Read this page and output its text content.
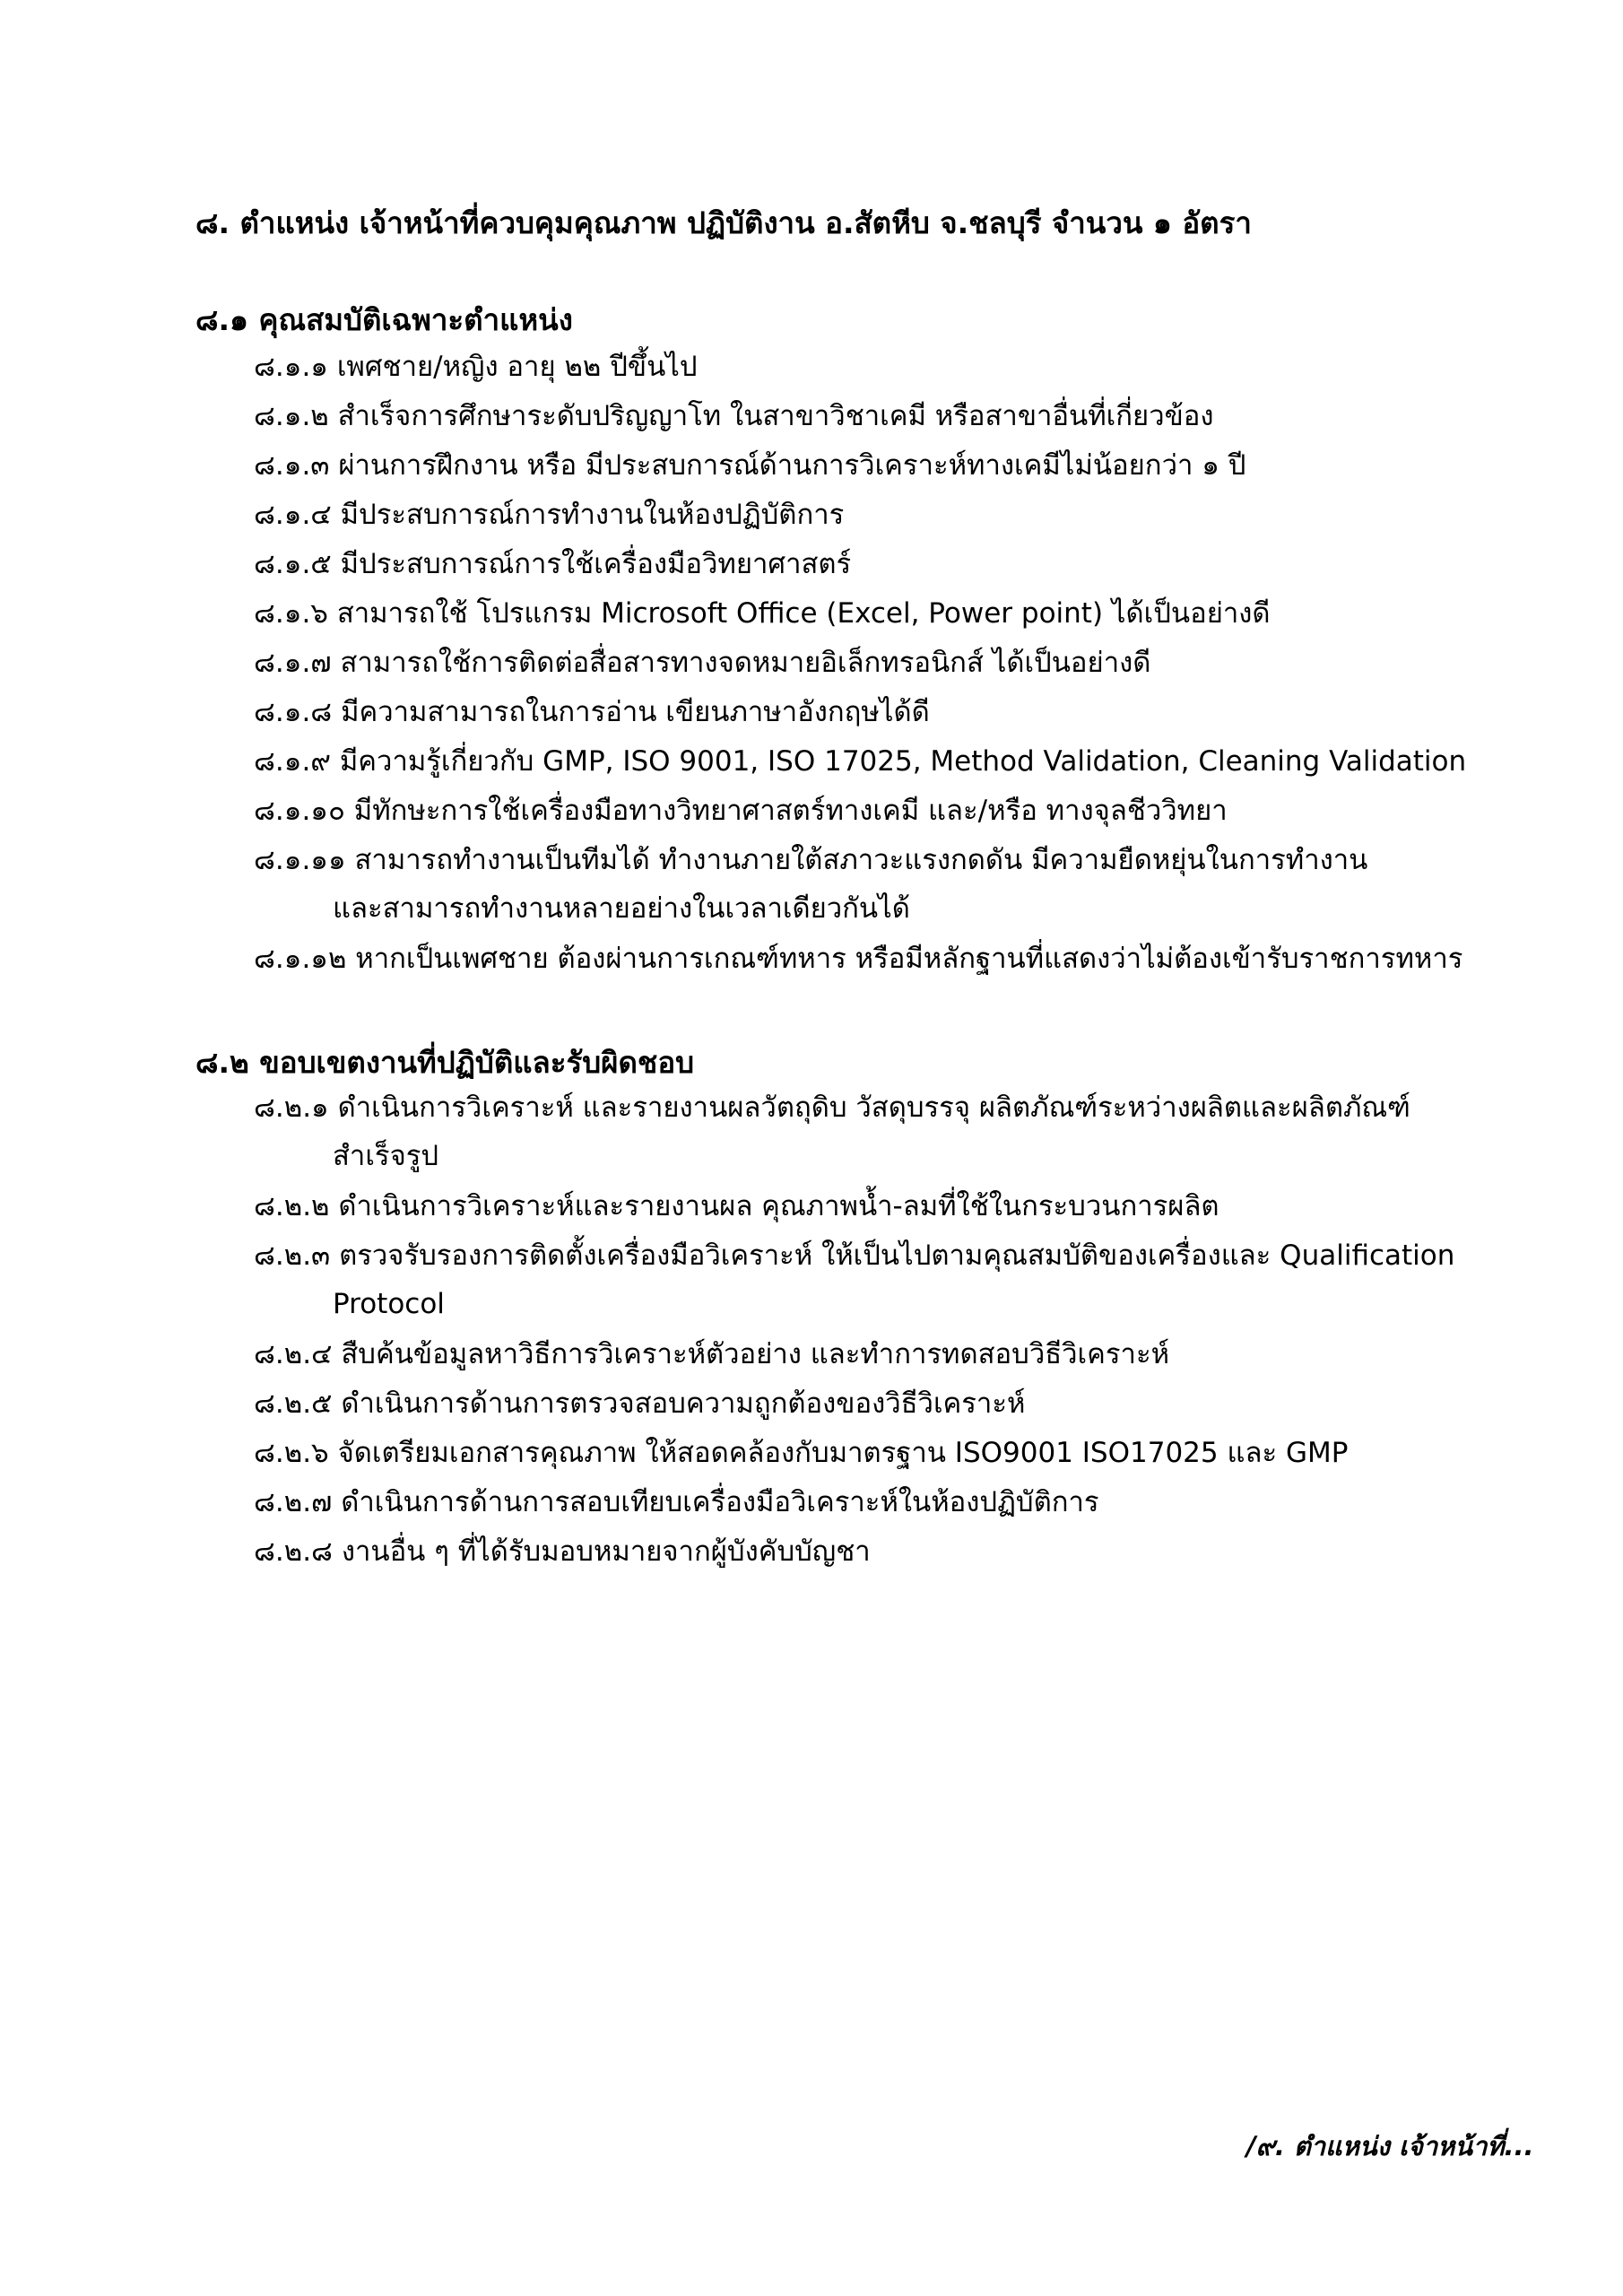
๘. ตำแหน่ง เจ้าหน้าที่ควบคุมคุณภาพ ปฏิบัติงาน อ.สัตหีบ จ.ชลบุรี จำนวน ๑ อัตรา
๘.๑ คุณสมบัติเฉพาะตำแหน่ง
๘.๑.๑ เพศชาย/หญิง อายุ ๒๒ ปีขึ้นไป
๘.๑.๒ สำเร็จการศึกษาระดับปริญญาโท ในสาขาวิชาเคมี หรือสาขาอื่นที่เกี่ยวข้อง
๘.๑.๓ ผ่านการฝึกงาน หรือ มีประสบการณ์ด้านการวิเคราะห์ทางเคมีไม่น้อยกว่า ๑ ปี
๘.๑.๔ มีประสบการณ์การทำงานในห้องปฏิบัติการ
๘.๑.๕ มีประสบการณ์การใช้เครื่องมือวิทยาศาสตร์
๘.๑.๖ สามารถใช้ โปรแกรม Microsoft Office (Excel, Power point) ได้เป็นอย่างดี
๘.๑.๗ สามารถใช้การติดต่อสื่อสารทางจดหมายอิเล็กทรอนิกส์ ได้เป็นอย่างดี
๘.๑.๘ มีความสามารถในการอ่าน เขียนภาษาอังกฤษได้ดี
๘.๑.๙ มีความรู้เกี่ยวกับ GMP, ISO 9001, ISO 17025, Method Validation, Cleaning Validation
๘.๑.๑๐ มีทักษะการใช้เครื่องมือทางวิทยาศาสตร์ทางเคมี และ/หรือ ทางจุลชีววิทยา
๘.๑.๑๑ สามารถทำงานเป็นทีมได้ ทำงานภายใต้สภาวะแรงกดดัน มีความยืดหยุ่นในการทำงาน
และสามารถทำงานหลายอย่างในเวลาเดียวกันได้
๘.๑.๑๒ หากเป็นเพศชาย ต้องผ่านการเกณฑ์ทหาร หรือมีหลักฐานที่แสดงว่าไม่ต้องเข้ารับราชการทหาร
๘.๒ ขอบเขตงานที่ปฏิบัติและรับผิดชอบ
๘.๒.๑ ดำเนินการวิเคราะห์ และรายงานผลวัตถุดิบ วัสดุบรรจุ ผลิตภัณฑ์ระหว่างผลิตและผลิตภัณฑ์
สำเร็จรูป
๘.๒.๒ ดำเนินการวิเคราะห์และรายงานผล คุณภาพน้ำ-ลมที่ใช้ในกระบวนการผลิต
๘.๒.๓ ตรวจรับรองการติดตั้งเครื่องมือวิเคราะห์ ให้เป็นไปตามคุณสมบัติของเครื่องและ Qualification
Protocol
๘.๒.๔ สืบค้นข้อมูลหาวิธีการวิเคราะห์ตัวอย่าง และทำการทดสอบวิธีวิเคราะห์
๘.๒.๕ ดำเนินการด้านการตรวจสอบความถูกต้องของวิธีวิเคราะห์
๘.๒.๖ จัดเตรียมเอกสารคุณภาพ ให้สอดคล้องกับมาตรฐาน ISO9001 ISO17025 และ GMP
๘.๒.๗ ดำเนินการด้านการสอบเทียบเครื่องมือวิเคราะห์ในห้องปฏิบัติการ
๘.๒.๘ งานอื่น ๆ ที่ได้รับมอบหมายจากผู้บังคับบัญชา
/๙. ตำแหน่ง เจ้าหน้าที่...
